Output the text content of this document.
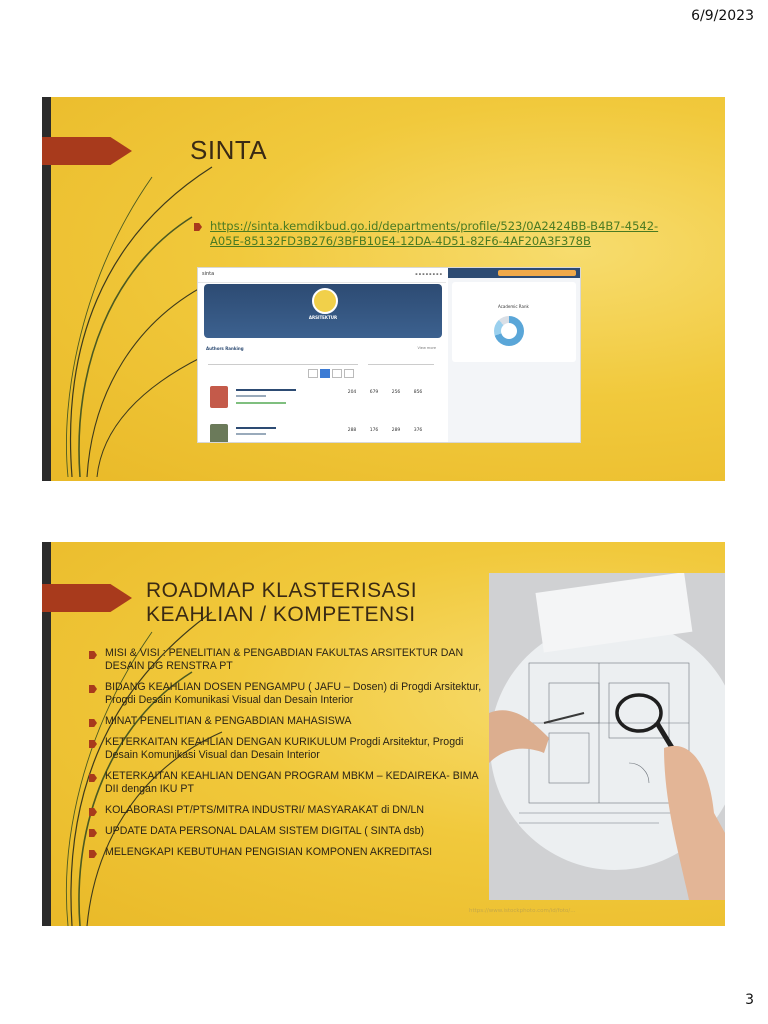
6/9/2023
SINTA
https://sinta.kemdikbud.go.id/departments/profile/523/0A2424BB-B4B7-4542-A05E-85132FD3B276/3BFB10E4-12DA-4D51-82F6-4AF20A3F378B
sinta	▪ ▪ ▪ ▪ ▪ ▪ ▪ ▪
ARSITEKTUR
Authors Ranking	View more
204	679	256	856
288	176	289	376
Academic Rank
ROADMAP KLASTERISASI
KEAHLIAN / KOMPETENSI
MISI & VISI : PENELITIAN & PENGABDIAN FAKULTAS ARSITEKTUR DAN DESAIN DG RENSTRA PT
BIDANG KEAHLIAN DOSEN PENGAMPU ( JAFU – Dosen) di Progdi Arsitektur, Progdi Desain Komunikasi Visual dan Desain Interior
MINAT PENELITIAN & PENGABDIAN MAHASISWA
KETERKAITAN KEAHLIAN DENGAN KURIKULUM Progdi Arsitektur, Progdi Desain Komunikasi Visual dan Desain Interior
KETERKAITAN KEAHLIAN DENGAN PROGRAM MBKM – KEDAIREKA- BIMA DII dengan IKU PT
KOLABORASI PT/PTS/MITRA INDUSTRI/ MASYARAKAT di DN/LN
UPDATE DATA PERSONAL DALAM SISTEM DIGITAL ( SINTA dsb)
MELENGKAPI KEBUTUHAN PENGISIAN KOMPONEN AKREDITASI
https://www.istockphoto.com/id/foto/...
3
